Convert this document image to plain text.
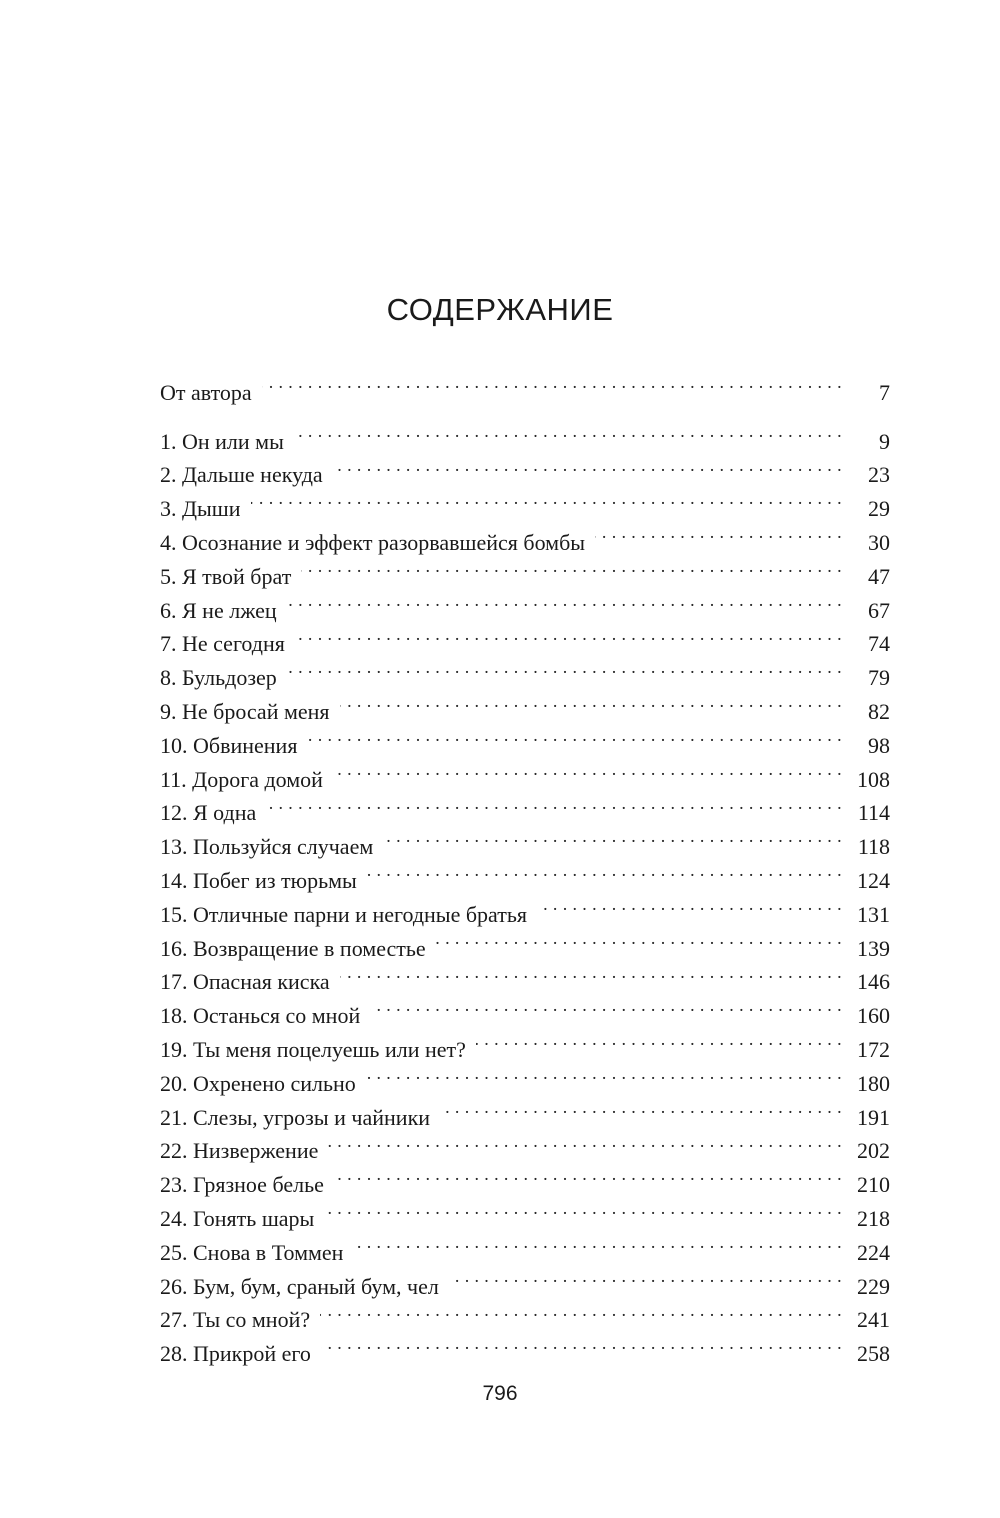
СОДЕРЖАНИЕ
От автора . . .	7
1. Он или мы . . .	9
2. Дальше некуда . . .	23
3. Дыши . . .	29
4. Осознание и эффект разорвавшейся бомбы . . .	30
5. Я твой брат . . .	47
6. Я не лжец . . .	67
7. Не сегодня . . .	74
8. Бульдозер . . .	79
9. Не бросай меня . . .	82
10. Обвинения . . .	98
11. Дорога домой . . .	108
12. Я одна . . .	114
13. Пользуйся случаем . . .	118
14. Побег из тюрьмы . . .	124
15. Отличные парни и негодные братья . . .	131
16. Возвращение в поместье . . .	139
17. Опасная киска . . .	146
18. Останься со мной . . .	160
19. Ты меня поцелуешь или нет? . . .	172
20. Охренено сильно . . .	180
21. Слезы, угрозы и чайники . . .	191
22. Низвержение . . .	202
23. Грязное белье . . .	210
24. Гонять шары . . .	218
25. Снова в Томмен . . .	224
26. Бум, бум, сраный бум, чел . . .	229
27. Ты со мной? . . .	241
28. Прикрой его . . .	258
796
